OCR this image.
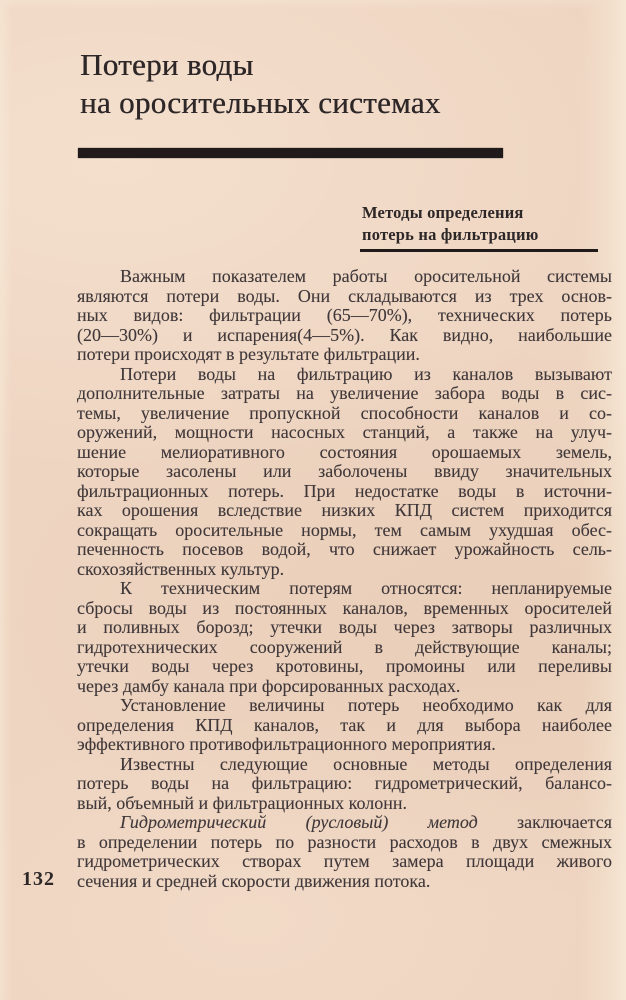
Потери воды
на оросительных системах
Методы определения
потерь на фильтрацию
Важным показателем работы оросительной системы
являются потери воды. Они складываются из трех основ-
ных видов: фильтрации (65—70%), технических потерь
(20—30%) и испарения(4—5%). Как видно, наибольшие
потери происходят в результате фильтрации.
Потери воды на фильтрацию из каналов вызывают
дополнительные затраты на увеличение забора воды в сис-
темы, увеличение пропускной способности каналов и со-
оружений, мощности насосных станций, а также на улуч-
шение мелиоративного состояния орошаемых земель,
которые засолены или заболочены ввиду значительных
фильтрационных потерь. При недостатке воды в источни-
ках орошения вследствие низких КПД систем приходится
сокращать оросительные нормы, тем самым ухудшая обес-
печенность посевов водой, что снижает урожайность сель-
скохозяйственных культур.
К техническим потерям относятся: непланируемые
сбросы воды из постоянных каналов, временных оросителей
и поливных борозд; утечки воды через затворы различных
гидротехнических сооружений в действующие каналы;
утечки воды через кротовины, промоины или переливы
через дамбу канала при форсированных расходах.
Установление величины потерь необходимо как для
определения КПД каналов, так и для выбора наиболее
эффективного противофильтрационного мероприятия.
Известны следующие основные методы определения
потерь воды на фильтрацию: гидрометрический, балансо-
вый, объемный и фильтрационных колонн.
Гидрометрический (русловый) метод заключается
в определении потерь по разности расходов в двух смежных
гидрометрических створах путем замера площади живого
сечения и средней скорости движения потока.
132
